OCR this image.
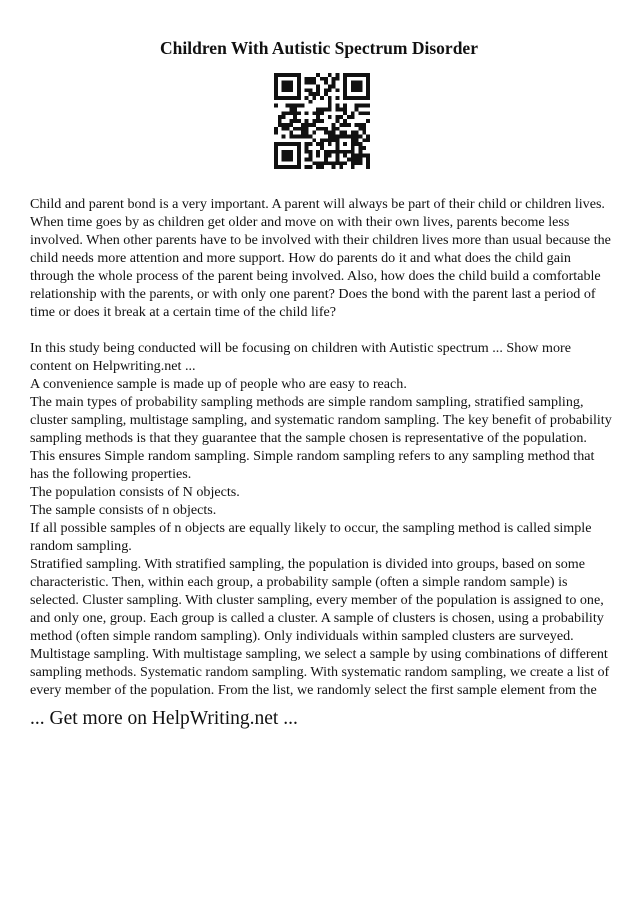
Children With Autistic Spectrum Disorder

Child and parent bond is a very important. A parent will always be part of their child or children lives. When time goes by as children get older and move on with their own lives, parents become less involved. When other parents have to be involved with their children lives more than usual because the child needs more attention and more support. How do parents do it and what does the child gain through the whole process of the parent being involved. Also, how does the child build a comfortable relationship with the parents, or with only one parent? Does the bond with the parent last a period of time or does it break at a certain time of the child life?

In this study being conducted will be focusing on children with Autistic spectrum ... Show more content on Helpwriting.net ...

A convenience sample is made up of people who are easy to reach.

The main types of probability sampling methods are simple random sampling, stratified sampling, cluster sampling, multistage sampling, and systematic random sampling. The key benefit of probability sampling methods is that they guarantee that the sample chosen is representative of the population. This ensures Simple random sampling. Simple random sampling refers to any sampling method that has the following properties.

The population consists of N objects.

The sample consists of n objects.

If all possible samples of n objects are equally likely to occur, the sampling method is called simple random sampling.

Stratified sampling. With stratified sampling, the population is divided into groups, based on some characteristic. Then, within each group, a probability sample (often a simple random sample) is selected. Cluster sampling. With cluster sampling, every member of the population is assigned to one, and only one, group. Each group is called a cluster. A sample of clusters is chosen, using a probability method (often simple random sampling). Only individuals within sampled clusters are surveyed. Multistage sampling. With multistage sampling, we select a sample by using combinations of different sampling methods. Systematic random sampling. With systematic random sampling, we create a list of every member of the population. From the list, we randomly select the first sample element from the

... Get more on HelpWriting.net ...
